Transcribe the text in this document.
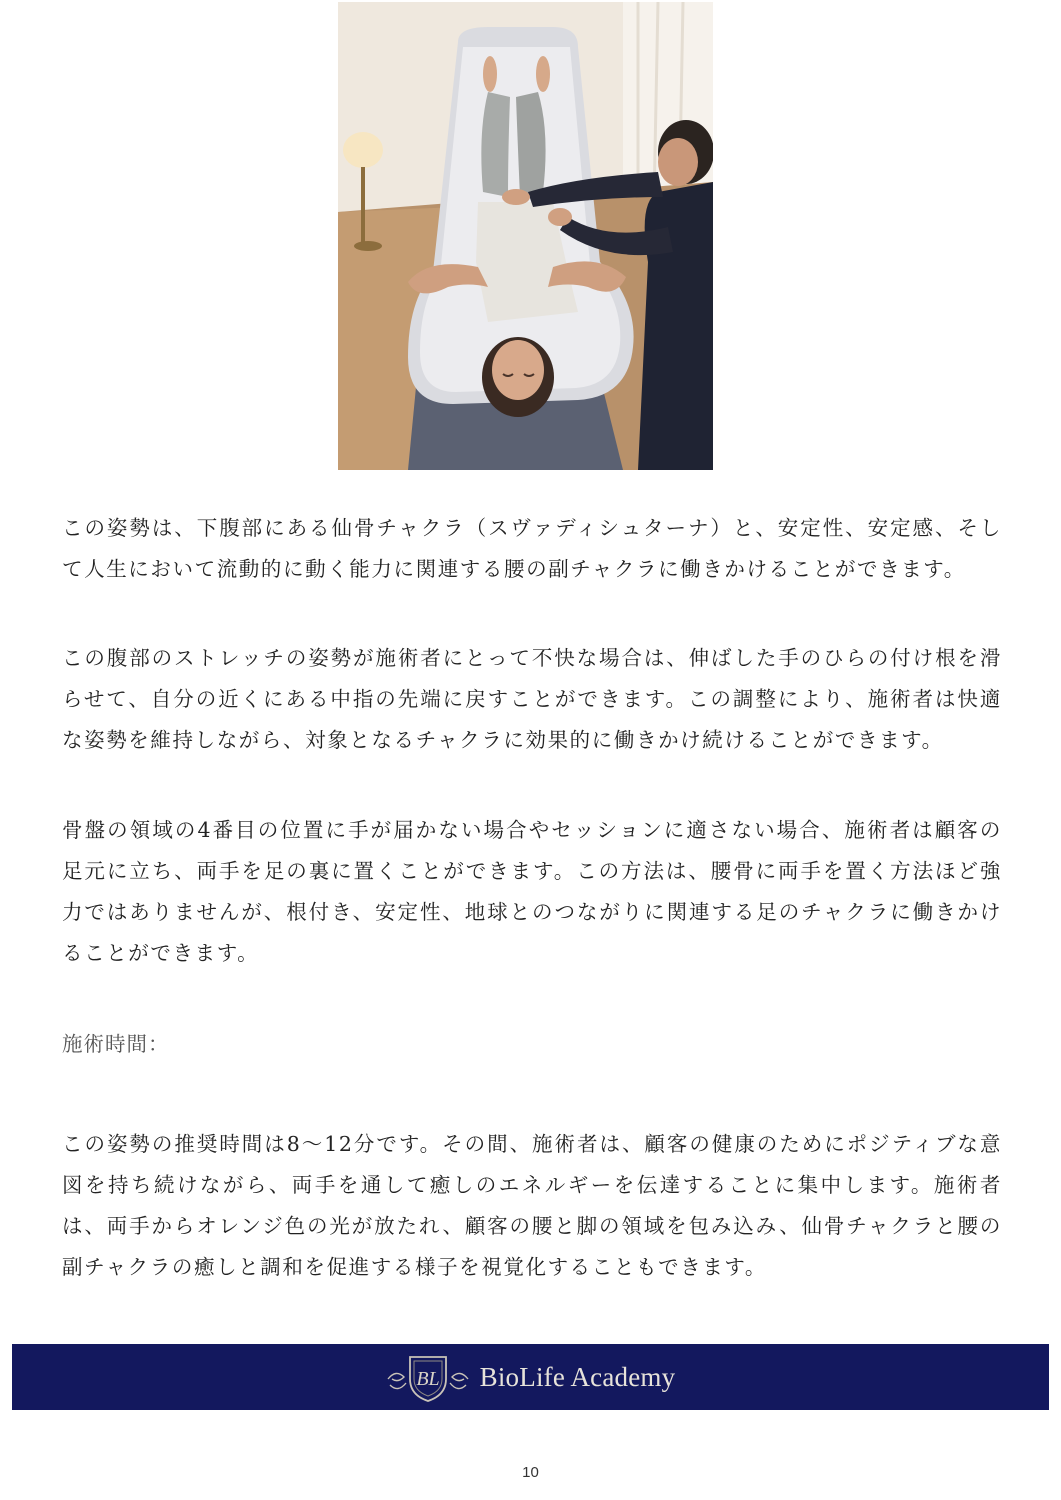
この姿勢は、下腹部にある仙骨チャクラ（スヴァディシュターナ）と、安定性、安定感、そして人生において流動的に動く能力に関連する腰の副チャクラに働きかけることができます。

この腹部のストレッチの姿勢が施術者にとって不快な場合は、伸ばした手のひらの付け根を滑らせて、自分の近くにある中指の先端に戻すことができます。この調整により、施術者は快適な姿勢を維持しながら、対象となるチャクラに効果的に働きかけ続けることができます。

骨盤の領域の4番目の位置に手が届かない場合やセッションに適さない場合、施術者は顧客の足元に立ち、両手を足の裏に置くことができます。この方法は、腰骨に両手を置く方法ほど強力ではありませんが、根付き、安定性、地球とのつながりに関連する足のチャクラに働きかけることができます。

施術時間：

この姿勢の推奨時間は8〜12分です。その間、施術者は、顧客の健康のためにポジティブな意図を持ち続けながら、両手を通して癒しのエネルギーを伝達することに集中します。施術者は、両手からオレンジ色の光が放たれ、顧客の腰と脚の領域を包み込み、仙骨チャクラと腰の副チャクラの癒しと調和を促進する様子を視覚化することもできます。

BL BioLife Academy
10
